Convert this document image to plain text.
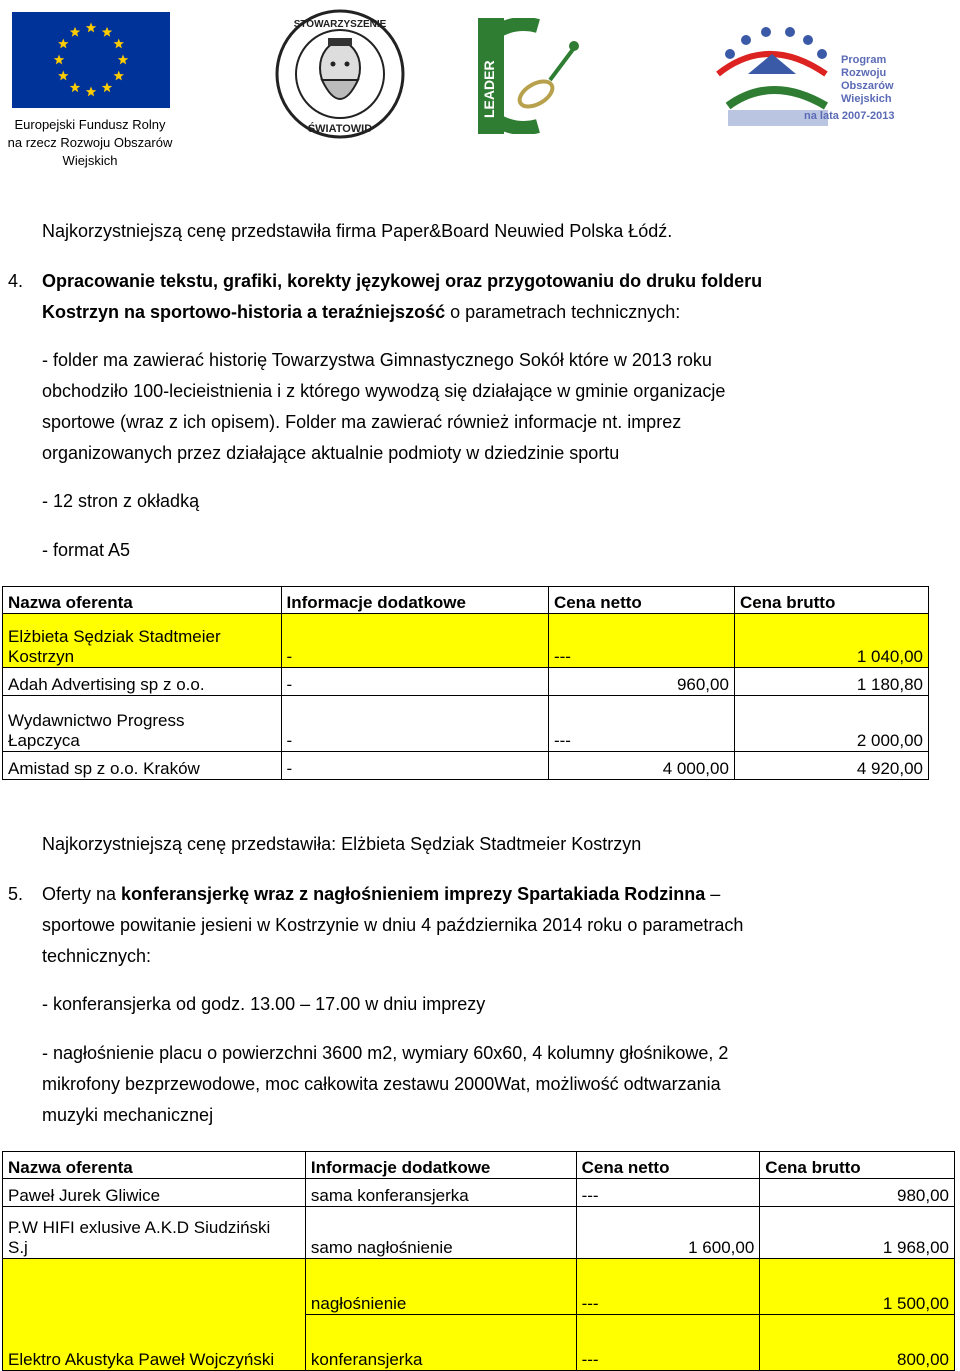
Europejski Fundusz Rolny
na rzecz Rozwoju Obszarów
Wiejskich
STOWARZYSZENIE
ŚWIATOWID
LEADER
Program
Rozwoju
Obszarów
Wiejskich
na lata 2007-2013
Najkorzystniejszą cenę przedstawiła firma Paper&Board Neuwied Polska Łódź.
4. Opracowanie tekstu, grafiki, korekty językowej oraz przygotowaniu do druku folderu
Kostrzyn na sportowo-historia a teraźniejszość o parametrach technicznych:
- folder ma zawierać historię Towarzystwa Gimnastycznego Sokół które w 2013 roku
obchodziło 100-lecieistnienia i z którego wywodzą się działające w gminie organizacje
sportowe (wraz z ich opisem). Folder ma zawierać również informacje nt. imprez
organizowanych przez działające aktualnie podmioty w dziedzinie sportu
- 12 stron z okładką
- format A5
Nazwa oferenta	Informacje dodatkowe	Cena netto	Cena brutto

Elżbieta Sędziak Stadtmeier
Kostrzyn	-	---	1 040,00
Adah Advertising sp z o.o.	-	960,00	1 180,80

Wydawnictwo Progress
Łapczyca	-	---	2 000,00
Amistad sp z o.o. Kraków	-	4 000,00	4 920,00
Najkorzystniejszą cenę przedstawiła: Elżbieta Sędziak Stadtmeier Kostrzyn
5. Oferty na konferansjerkę wraz z nagłośnieniem imprezy Spartakiada Rodzinna –
sportowe powitanie jesieni w Kostrzynie w dniu 4 października 2014 roku o parametrach
technicznych:
- konferansjerka od godz. 13.00 – 17.00 w dniu imprezy
- nagłośnienie placu o powierzchni 3600 m2, wymiary 60x60, 4 kolumny głośnikowe, 2
mikrofony bezprzewodowe, moc całkowita zestawu 2000Wat, możliwość odtwarzania
muzyki mechanicznej
Nazwa oferenta	Informacje dodatkowe	Cena netto	Cena brutto
Paweł Jurek Gliwice	sama konferansjerka	---	980,00

P.W HIFI exlusive A.K.D Siudziński
S.j	samo nagłośnienie	1 600,00	1 968,00
Elektro Akustyka Paweł Wojczyński	nagłośnienie	---	1 500,00
	konferansjerka	---	800,00
